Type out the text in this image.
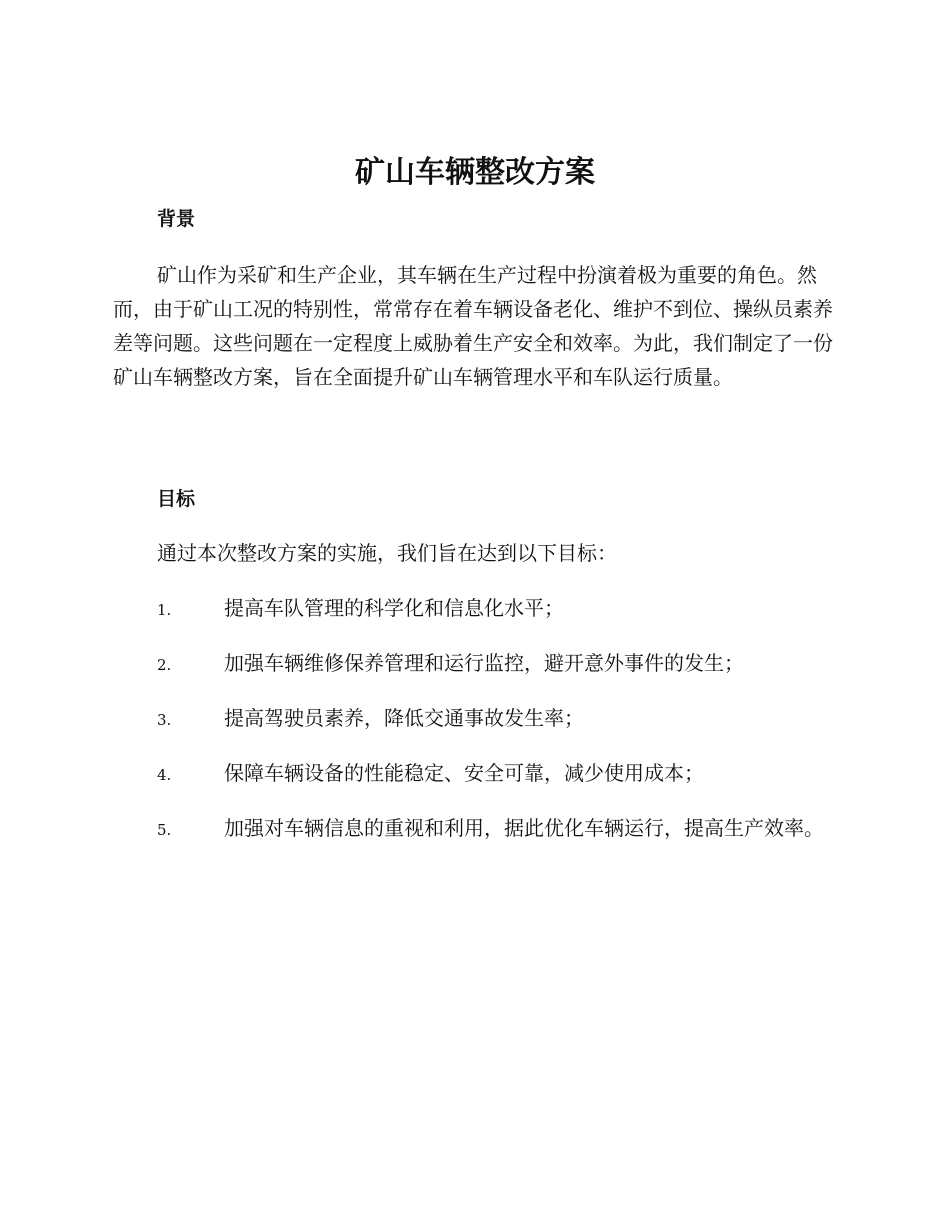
矿山车辆整改方案
背景

矿山作为采矿和生产企业，其车辆在生产过程中扮演着极为重要的角色。然而，由于矿山工况的特别性，常常存在着车辆设备老化、维护不到位、操纵员素养差等问题。这些问题在一定程度上威胁着生产安全和效率。为此，我们制定了一份矿山车辆整改方案，旨在全面提升矿山车辆管理水平和车队运行质量。

目标

通过本次整改方案的实施，我们旨在达到以下目标：

1.	提高车队管理的科学化和信息化水平；

2.	加强车辆维修保养管理和运行监控，避开意外事件的发生；

3.	提高驾驶员素养，降低交通事故发生率；

4.	保障车辆设备的性能稳定、安全可靠，减少使用成本；

5.	加强对车辆信息的重视和利用，据此优化车辆运行，提高生产效率。
